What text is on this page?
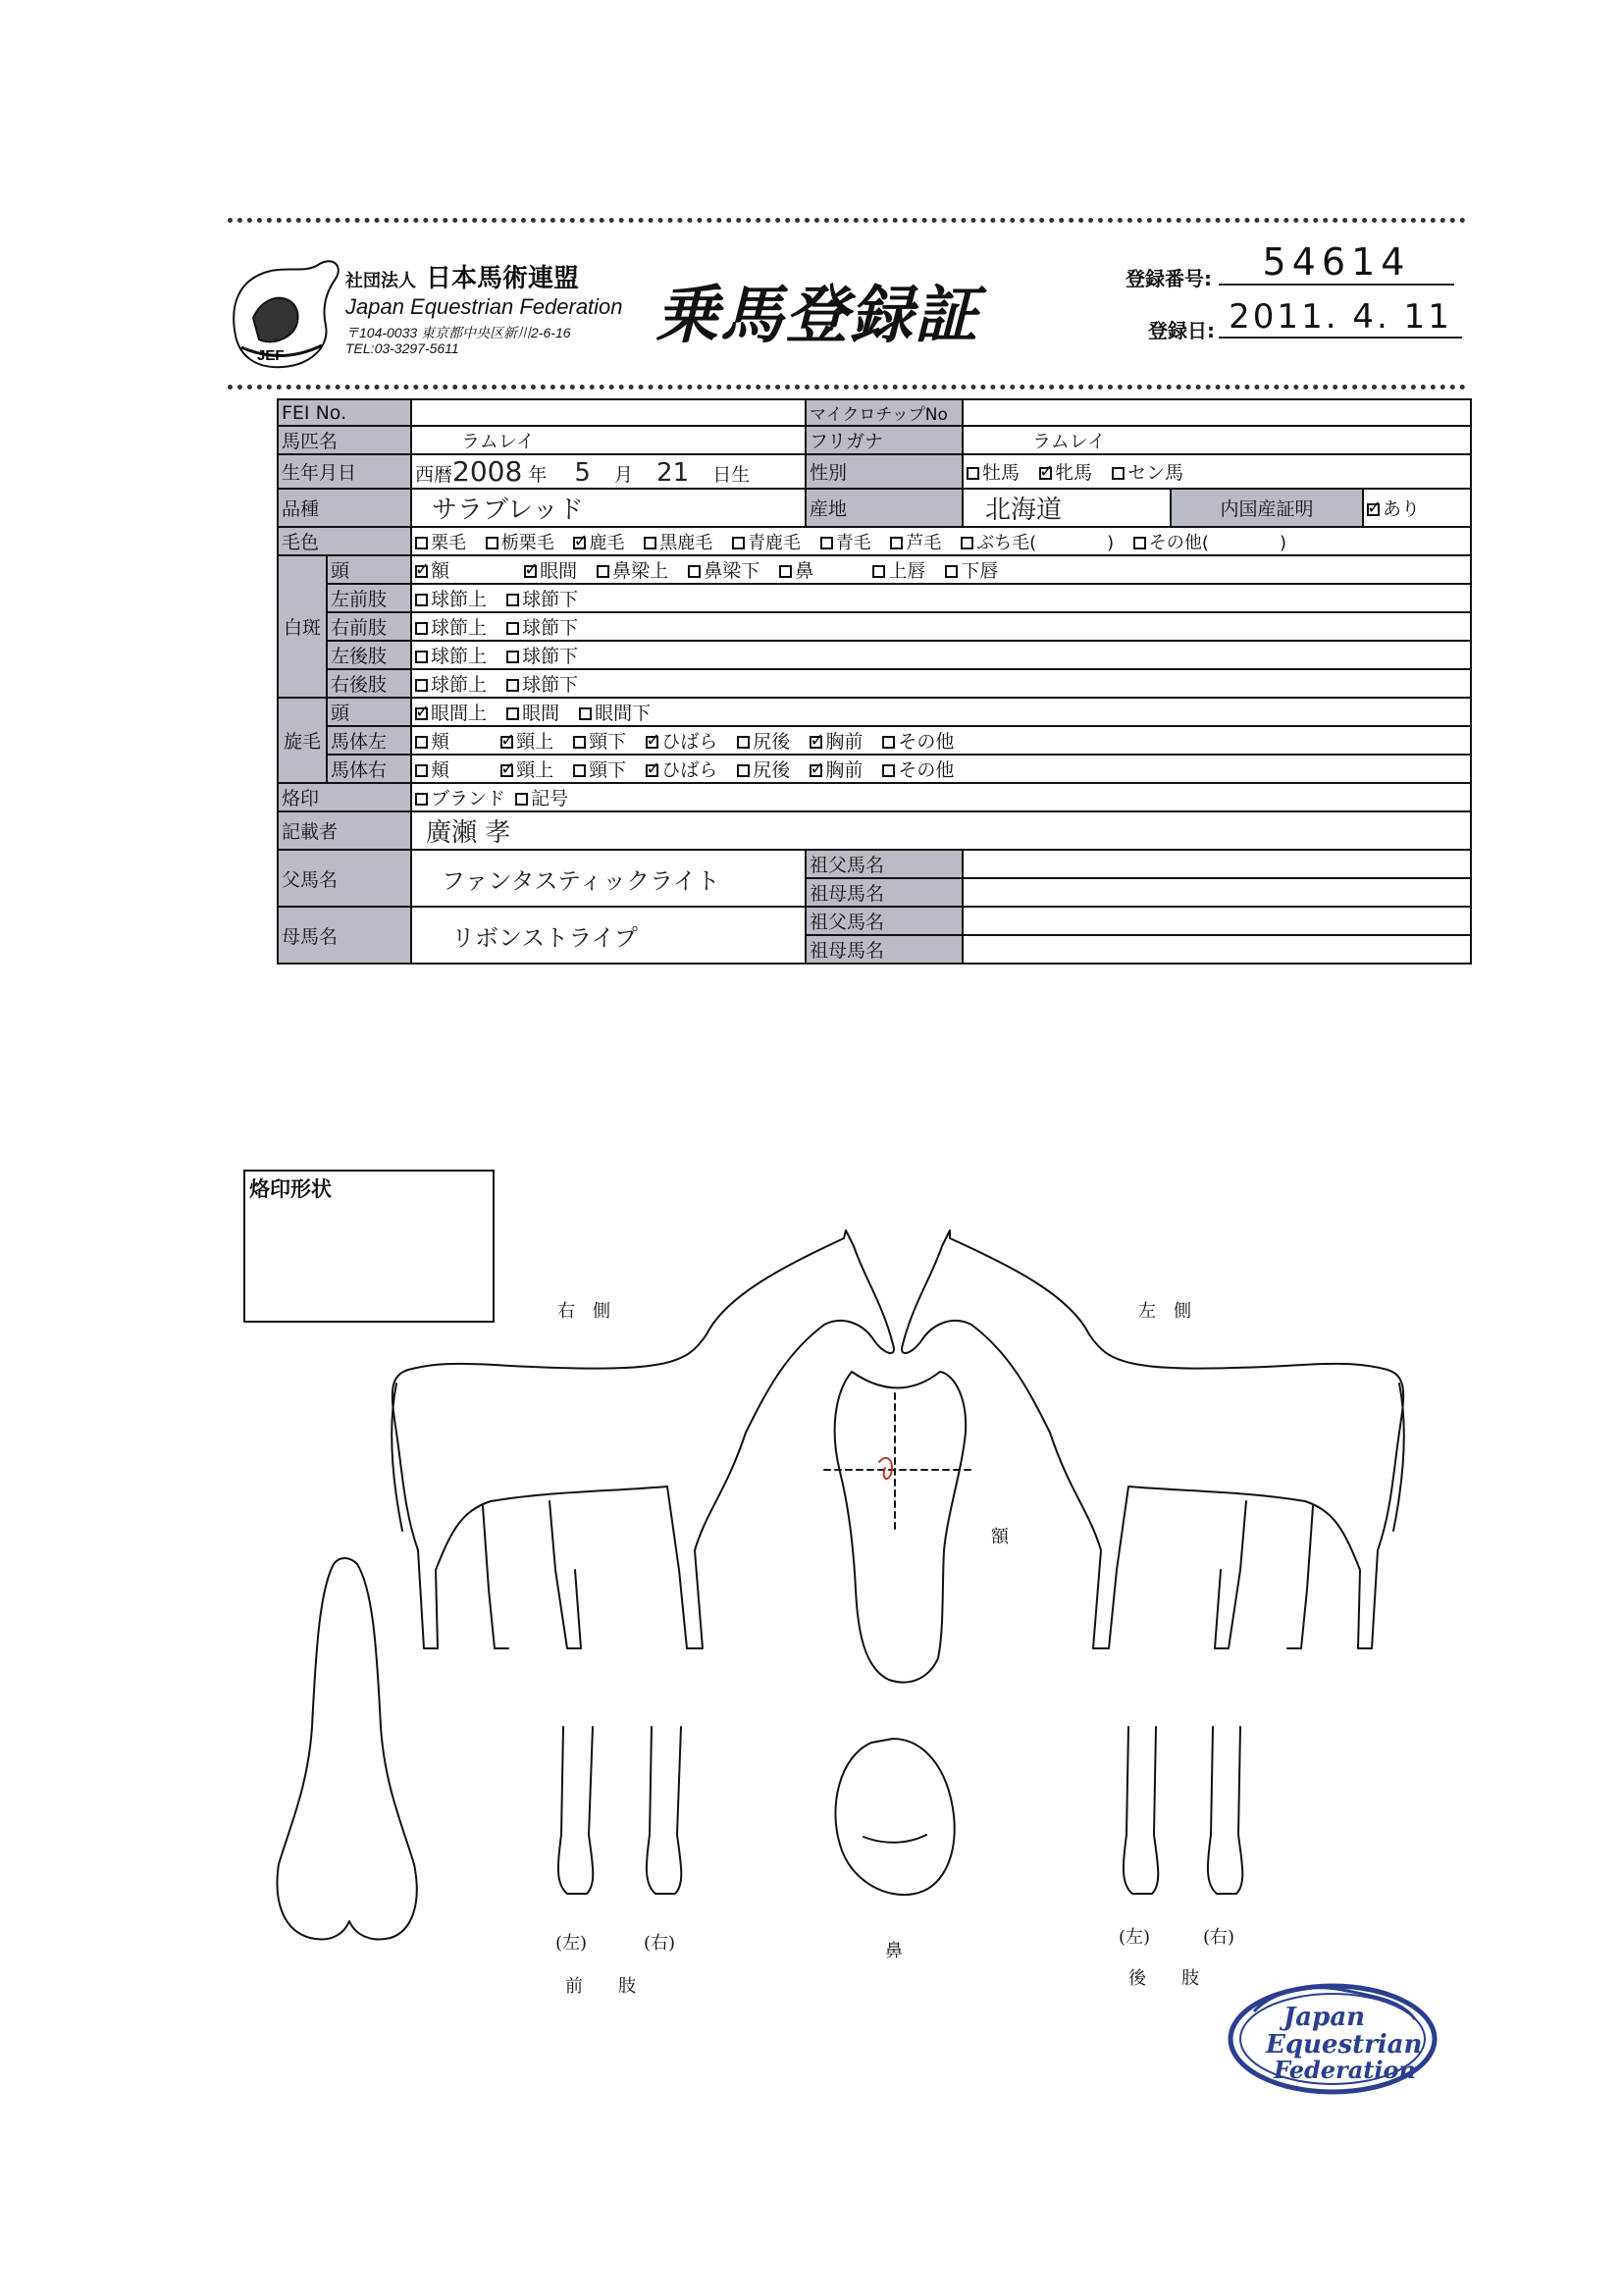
JEF
社団法人 日本馬術連盟
Japan Equestrian Federation
〒104-0033 東京都中央区新川2-6-16
TEL:03-3297-5611	乗馬登録証
登録番号:	54614
登録日: 2011. 4. 11
FEI No.			マイクロチップNo			
馬匹名		ラムレイ	フリガナ	ラムレイ		
生年月日		西暦2008 年 5 月 21 日生	性別	牡馬 ✓ 牝馬 セン馬
品種		サラブレッド	産地	北海道	内国産証明	✓あり
毛色		栗毛 栃栗毛 ✓ 鹿毛 黒鹿毛 青鹿毛 青毛 芦毛 ぶち毛(　　　　) その他(　　　　)
白斑	頭	✓額 ✓ 眼間 鼻梁上 鼻梁下 鼻 上唇 下唇
	左前肢	球節上 球節下				
	右前肢	球節上 球節下				
	左後肢	球節上 球節下				
	右後肢	球節上 球節下				
旋毛	頭	✓眼間上 眼間 眼間下
	馬体左	頬 ✓ 頸上 頸下 ✓ ひばら 尻後 ✓ 胸前 その他
	馬体右	頬 ✓ 頸上 頸下 ✓ ひばら 尻後 ✓ 胸前 その他
烙印		ブランド 記号				
記載者		廣瀬 孝				
父馬名		ファンタスティックライト	祖父馬名			
			祖母馬名			
母馬名		リボンストライプ	祖父馬名			
			祖母馬名			
烙印形状
右　側	左　側
額
鼻
(左)	(右)
前　　肢
(左)	(右)
後　　肢
Japan
Equestrian
Federation
